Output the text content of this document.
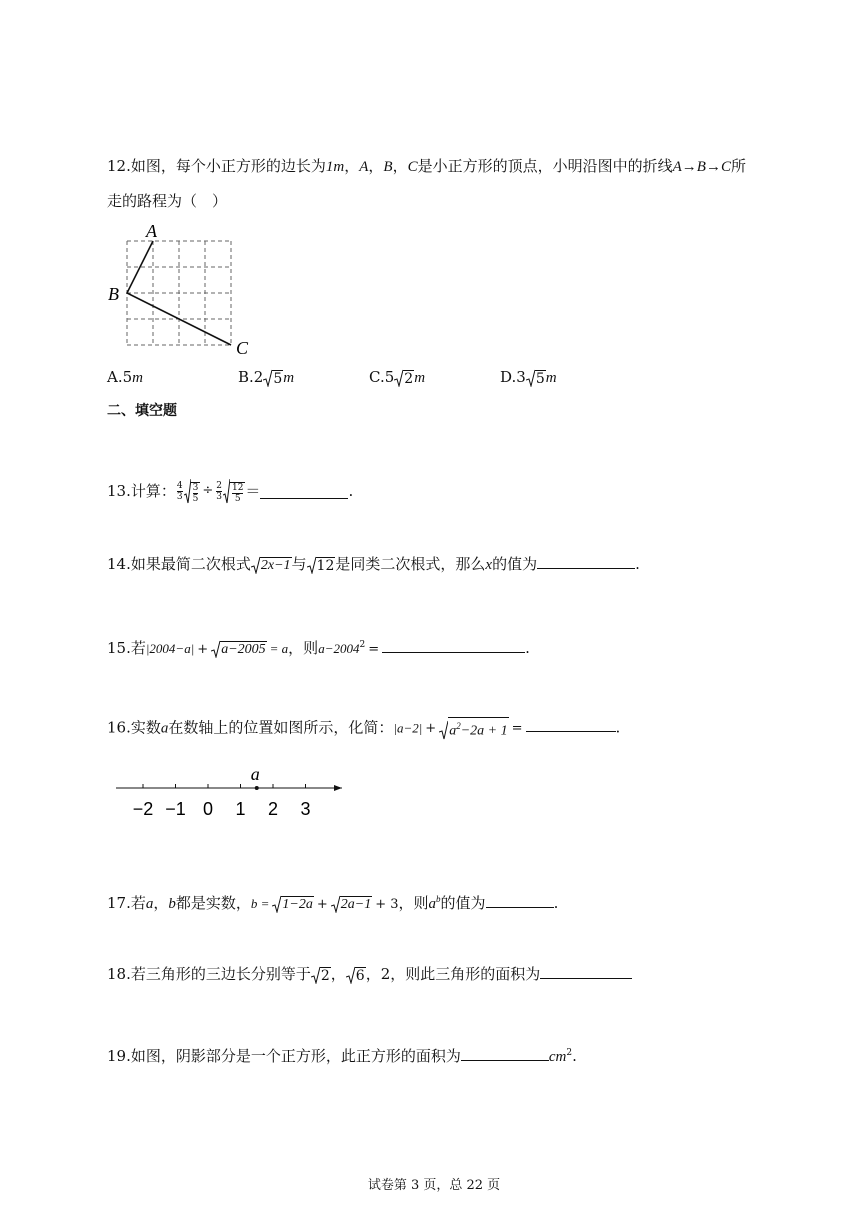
12.如图，每个小正方形的边长为1m，A，B，C是小正方形的顶点，小明沿图中的折线A→B→C所
走的路程为（　）
A
B
C
A.5m	B.2 5 m	C.5 2 m	D.3 5 m
二、填空题
13.计算： $\frac{4}{3} \frac{3}{5} \div \frac{2}{3} \frac{12}{5}$ ＝	.
14.如果最简二次根式 2x−1 与 12 是同类二次根式，那么x的值为	.
15.若|2004−a| + a−2005 = a，则$a-2004^2$ =	.
16.实数a在数轴上的位置如图所示，化简：$|a-2| + a^2-2a + 1$ =	.
−2 −1 0 1 2 3
a
17.若a，b都是实数，b = 1−2a + 2a−1 + 3，则$a^b$的值为	.
18.若三角形的三边长分别等于 2 ， 6 ，2，则此三角形的面积为
19.如图，阴影部分是一个正方形，此正方形的面积为	$cm^2$.
试卷第 3 页，总 22 页
